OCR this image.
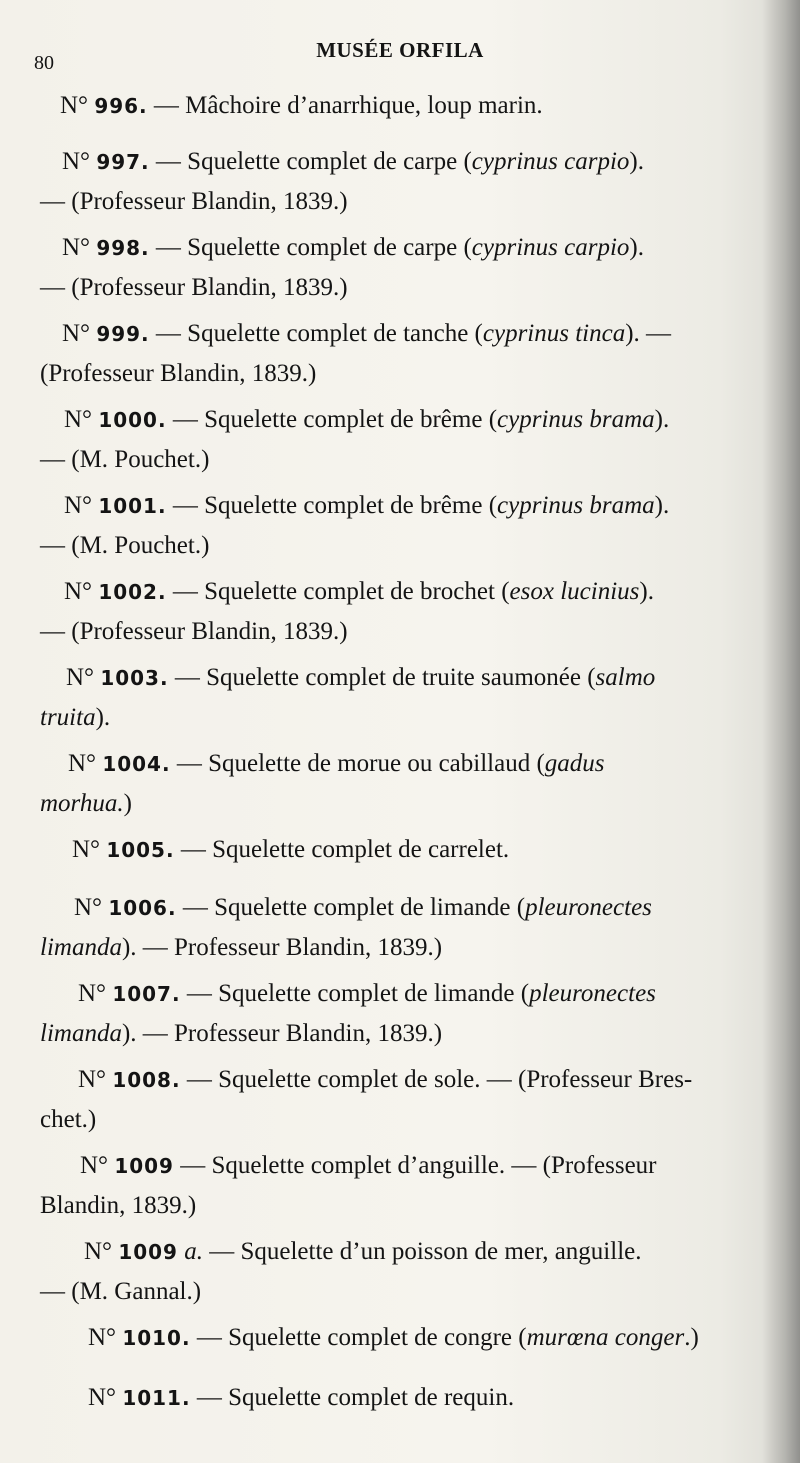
80
MUSÉE ORFILA
N° 996. — Mâchoire d’anarrhique, loup marin.
N° 997. — Squelette complet de carpe (cyprinus carpio).
— (Professeur Blandin, 1839.)
N° 998. — Squelette complet de carpe (cyprinus carpio).
— (Professeur Blandin, 1839.)
N° 999. — Squelette complet de tanche (cyprinus tinca). —
(Professeur Blandin, 1839.)
N° 1000. — Squelette complet de brême (cyprinus brama).
— (M. Pouchet.)
N° 1001. — Squelette complet de brême (cyprinus brama).
— (M. Pouchet.)
N° 1002. — Squelette complet de brochet (esox lucinius).
— (Professeur Blandin, 1839.)
N° 1003. — Squelette complet de truite saumonée (salmo
truita).
N° 1004. — Squelette de morue ou cabillaud (gadus
morhua.)
N° 1005. — Squelette complet de carrelet.
N° 1006. — Squelette complet de limande (pleuronectes
limanda). — Professeur Blandin, 1839.)
N° 1007. — Squelette complet de limande (pleuronectes
limanda). — Professeur Blandin, 1839.)
N° 1008. — Squelette complet de sole. — (Professeur Bres-
chet.)
N° 1009 — Squelette complet d’anguille. — (Professeur
Blandin, 1839.)
N° 1009 a. — Squelette d’un poisson de mer, anguille.
— (M. Gannal.)
N° 1010. — Squelette complet de congre (murœna conger.)
N° 1011. — Squelette complet de requin.
